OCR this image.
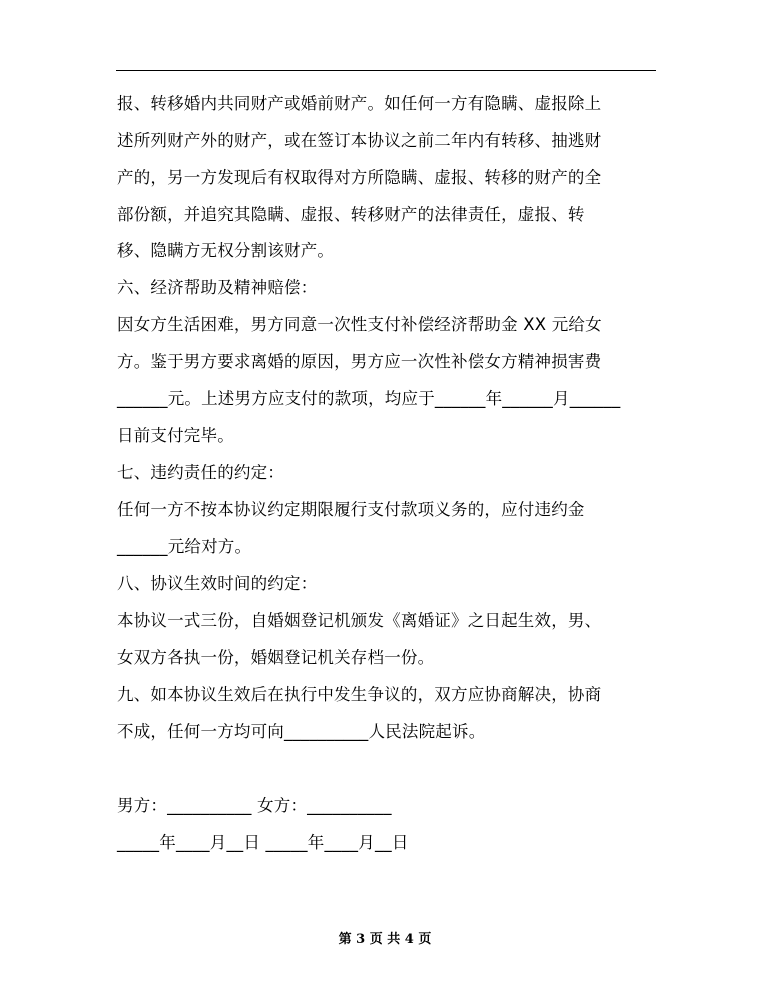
报、转移婚内共同财产或婚前财产。如任何一方有隐瞒、虚报除上
述所列财产外的财产，或在签订本协议之前二年内有转移、抽逃财
产的，另一方发现后有权取得对方所隐瞒、虚报、转移的财产的全
部份额，并追究其隐瞒、虚报、转移财产的法律责任，虚报、转
移、隐瞒方无权分割该财产。
六、经济帮助及精神赔偿：
因女方生活困难，男方同意一次性支付补偿经济帮助金 XX 元给女
方。鉴于男方要求离婚的原因，男方应一次性补偿女方精神损害费
______元。上述男方应支付的款项，均应于______年______月______
日前支付完毕。
七、违约责任的约定：
任何一方不按本协议约定期限履行支付款项义务的，应付违约金
______元给对方。
八、协议生效时间的约定：
本协议一式三份，自婚姻登记机颁发《离婚证》之日起生效，男、
女双方各执一份，婚姻登记机关存档一份。
九、如本协议生效后在执行中发生争议的，双方应协商解决，协商
不成，任何一方均可向__________人民法院起诉。
男方：__________ 女方：__________
_____年____月__日 _____年____月__日
第 3 页 共 4 页
